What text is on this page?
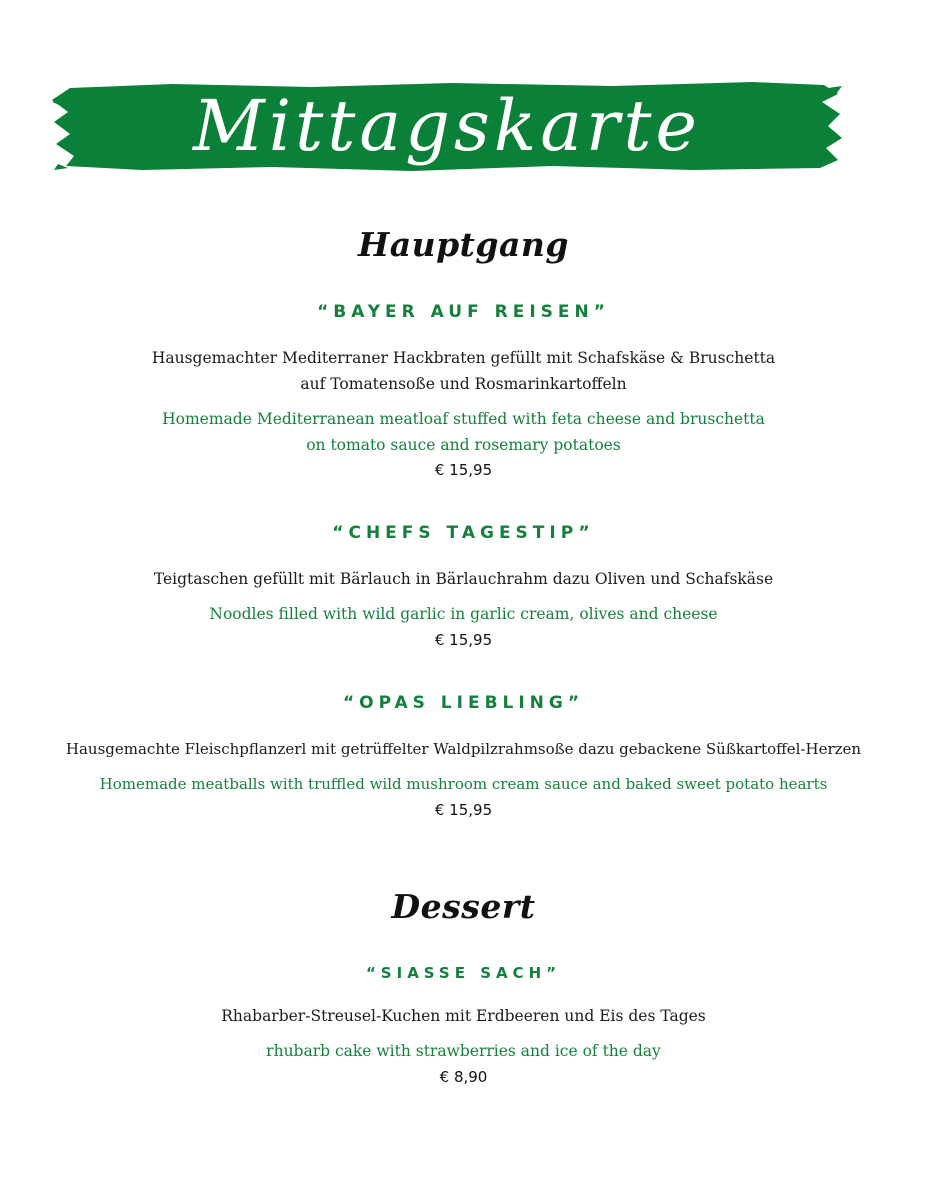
Mittagskarte
Hauptgang
“BAYER AUF REISEN”
Hausgemachter Mediterraner Hackbraten gefüllt mit Schafskäse & Bruschetta
auf Tomatensoße und Rosmarinkartoffeln
Homemade Mediterranean meatloaf stuffed with feta cheese and bruschetta
on tomato sauce and rosemary potatoes
€ 15,95
“CHEFS TAGESTIP”
Teigtaschen gefüllt mit Bärlauch in Bärlauchrahm dazu Oliven und Schafskäse
Noodles filled with wild garlic in garlic cream, olives and cheese
€ 15,95
“OPAS LIEBLING”
Hausgemachte Fleischpflanzerl mit getrüffelter Waldpilzrahmsoße dazu gebackene Süßkartoffel-Herzen
Homemade meatballs with truffled wild mushroom cream sauce and baked sweet potato hearts
€ 15,95
Dessert
“SIASSE SACH”
Rhabarber-Streusel-Kuchen mit Erdbeeren und Eis des Tages
rhubarb cake with strawberries and ice of the day
€ 8,90
